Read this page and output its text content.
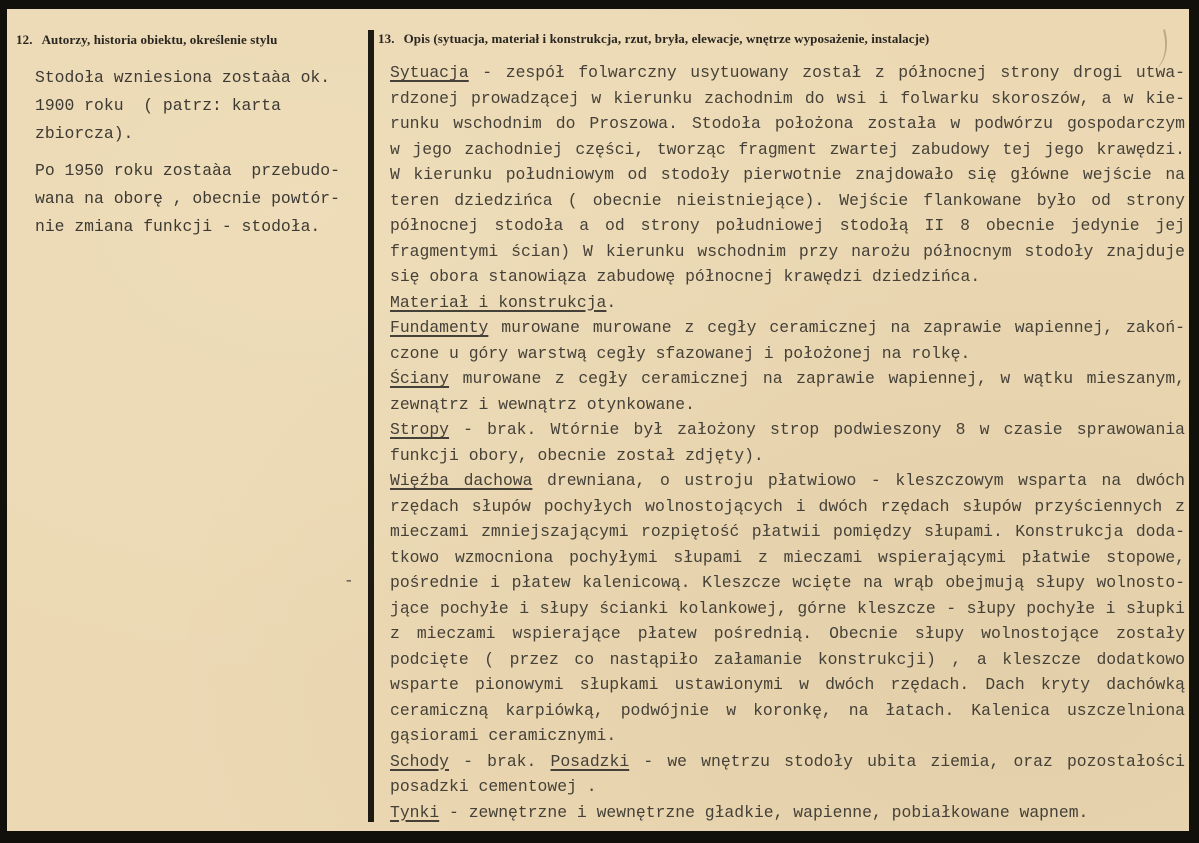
12. Autorzy, historia obiektu, określenie stylu	13. Opis (sytuacja, materiał i konstrukcja, rzut, bryła, elewacje, wnętrze wyposażenie, instalacje)
Stodoła wzniesiona zostaàa ok.
1900 roku  ( patrz: karta
zbiorcza).
Po 1950 roku zostaàa  przebudo-
wana na oborę , obecnie powtór-
nie zmiana funkcji - stodoła.
Sytuacja - zespół folwarczny usytuowany został z północnej strony drogi utwa-
rdzonej prowadzącej w kierunku zachodnim do wsi i folwarku skoroszów, a w kie-
runku wschodnim do Proszowa. Stodoła położona została w podwórzu gospodarczym
w jego zachodniej części, tworząc fragment zwartej zabudowy tej jego krawędzi.
W kierunku południowym od stodoły pierwotnie znajdowało się główne wejście na
teren dziedzińca ( obecnie nieistniejące). Wejście flankowane było od strony
północnej stodoła a od strony południowej stodołą II 8 obecnie jedynie jej
fragmentymi ścian) W kierunku wschodnim przy narożu północnym stodoły znajduje
się obora stanowiąza zabudowę północnej krawędzi dziedzińca.
Materiał i konstrukcja.
Fundamenty murowane murowane z cegły ceramicznej na zaprawie wapiennej, zakoń-
czone u góry warstwą cegły sfazowanej i położonej na rolkę.
Ściany murowane z cegły ceramicznej na zaprawie wapiennej, w wątku mieszanym,
zewnątrz i wewnątrz otynkowane.
Stropy - brak. Wtórnie był założony strop podwieszony 8 w czasie sprawowania
funkcji obory, obecnie został zdjęty).
Więźba dachowa drewniana, o ustroju płatwiowo - kleszczowym wsparta na dwóch
rzędach słupów pochyłych wolnostojących i dwóch rzędach słupów przyściennych z
mieczami zmniejszającymi rozpiętość płatwii pomiędzy słupami. Konstrukcja doda-
tkowo wzmocniona pochyłymi słupami z mieczami wspierającymi płatwie stopowe,
pośrednie i płatew kalenicową. Kleszcze wcięte na wrąb obejmują słupy wolnosto-
jące pochyłe i słupy ścianki kolankowej, górne kleszcze - słupy pochyłe i słupki
z mieczami wspierające płatew pośrednią. Obecnie słupy wolnostojące zostały
podcięte ( przez co nastąpiło załamanie konstrukcji) , a kleszcze dodatkowo
wsparte pionowymi słupkami ustawionymi w dwóch rzędach. Dach kryty dachówką
ceramiczną karpiówką, podwójnie w koronkę, na łatach. Kalenica uszczelniona
gąsiorami ceramicznymi.
Schody - brak. Posadzki - we wnętrzu stodoły ubita ziemia, oraz pozostałości
posadzki cementowej .
Tynki - zewnętrzne i wewnętrzne gładkie, wapienne, pobiałkowane wapnem.
-
